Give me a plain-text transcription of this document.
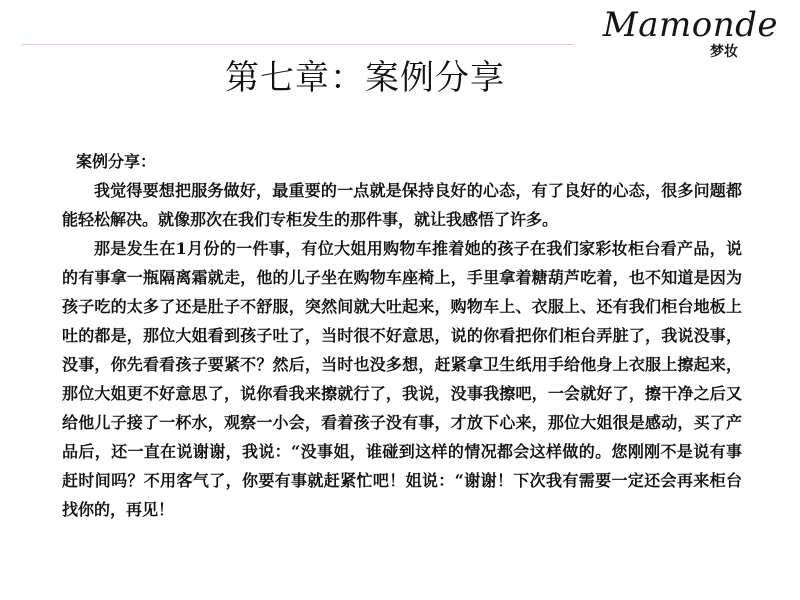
Mamonde
梦妆
第七章：案例分享

案例分享：

我觉得要想把服务做好，最重要的一点就是保持良好的心态，有了良好的心态，很多问题都能轻松解决。就像那次在我们专柜发生的那件事，就让我感悟了许多。

那是发生在1月份的一件事，有位大姐用购物车推着她的孩子在我们家彩妆柜台看产品，说的有事拿一瓶隔离霜就走，他的儿子坐在购物车座椅上，手里拿着糖葫芦吃着，也不知道是因为孩子吃的太多了还是肚子不舒服，突然间就大吐起来，购物车上、衣服上、还有我们柜台地板上吐的都是，那位大姐看到孩子吐了，当时很不好意思，说的你看把你们柜台弄脏了，我说没事，没事，你先看看孩子要紧不？然后，当时也没多想，赶紧拿卫生纸用手给他身上衣服上擦起来，那位大姐更不好意思了，说你看我来擦就行了，我说，没事我擦吧，一会就好了，擦干净之后又给他儿子接了一杯水，观察一小会，看着孩子没有事，才放下心来，那位大姐很是感动，买了产品后，还一直在说谢谢，我说：“没事姐，谁碰到这样的情况都会这样做的。您刚刚不是说有事赶时间吗？不用客气了，你要有事就赶紧忙吧！姐说：“谢谢！下次我有需要一定还会再来柜台找你的，再见！
